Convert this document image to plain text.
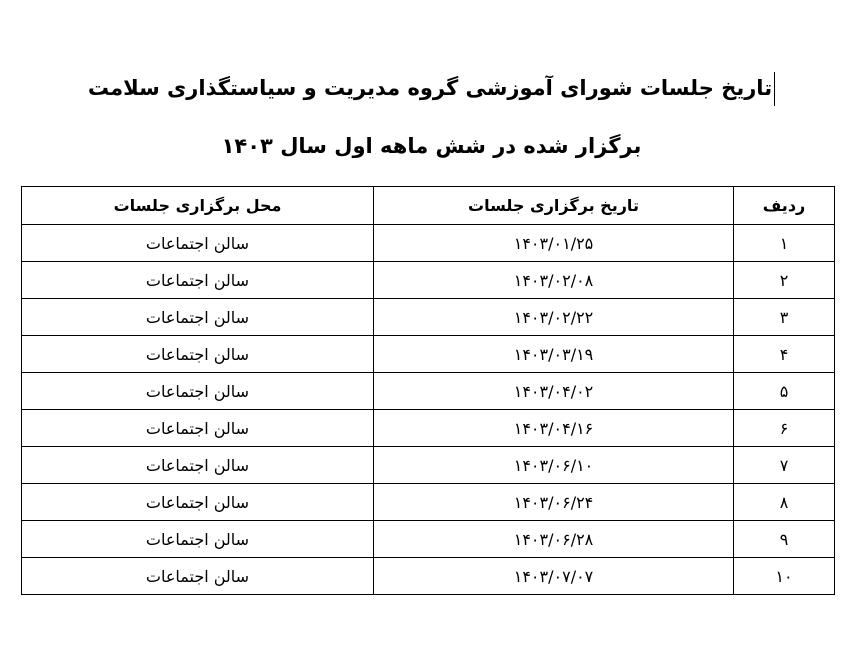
تاریخ جلسات شورای آموزشی گروه مدیریت و سیاستگذاری سلامت
برگزار شده در شش ماهه اول سال ۱۴۰۳
ردیف	تاریخ برگزاری جلسات	محل برگزاری جلسات
۱	۱۴۰۳/۰۱/۲۵	سالن اجتماعات
۲	۱۴۰۳/۰۲/۰۸	سالن اجتماعات
۳	۱۴۰۳/۰۲/۲۲	سالن اجتماعات
۴	۱۴۰۳/۰۳/۱۹	سالن اجتماعات
۵	۱۴۰۳/۰۴/۰۲	سالن اجتماعات
۶	۱۴۰۳/۰۴/۱۶	سالن اجتماعات
۷	۱۴۰۳/۰۶/۱۰	سالن اجتماعات
۸	۱۴۰۳/۰۶/۲۴	سالن اجتماعات
۹	۱۴۰۳/۰۶/۲۸	سالن اجتماعات
۱۰	۱۴۰۳/۰۷/۰۷	سالن اجتماعات
